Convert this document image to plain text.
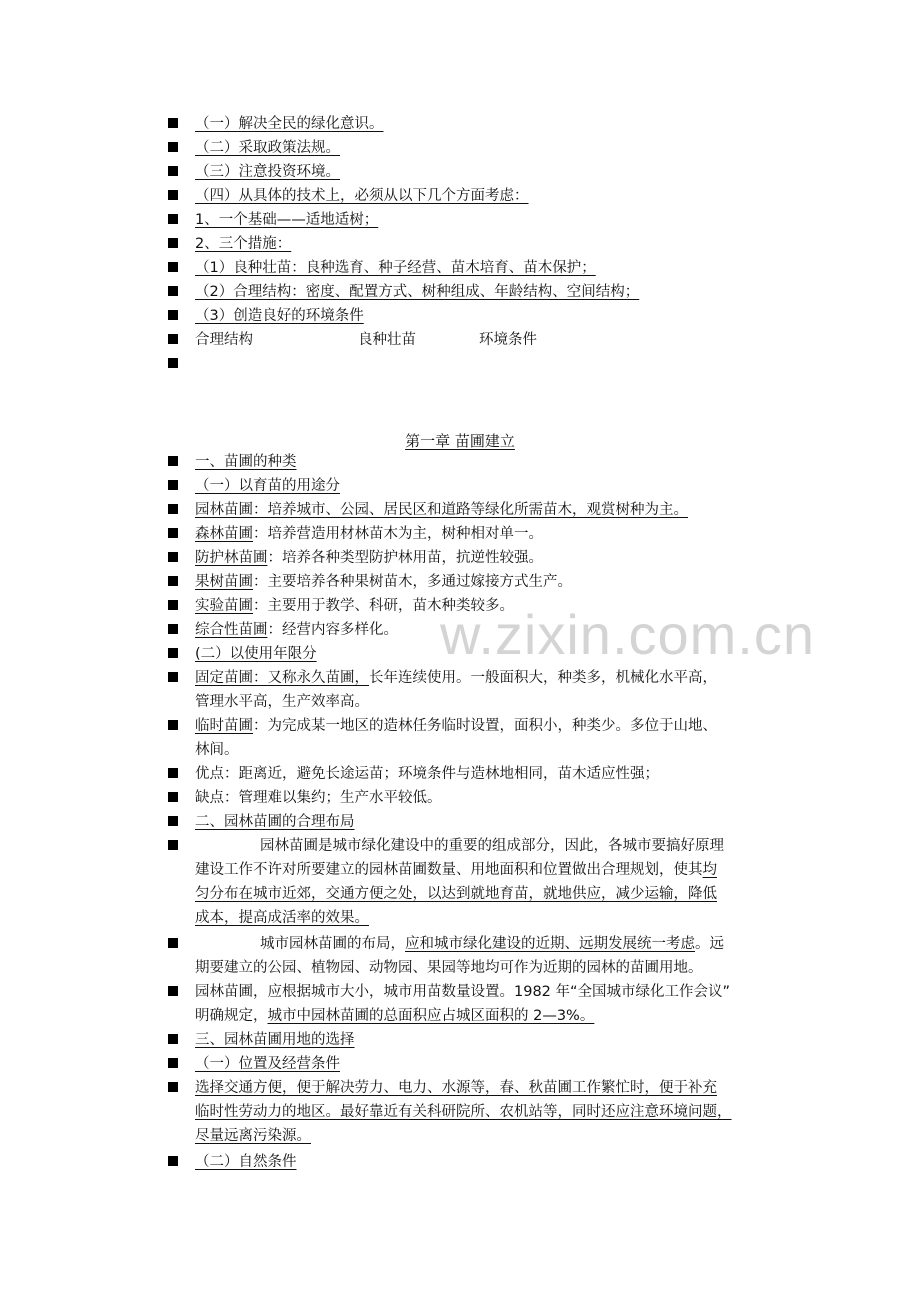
（一）解决全民的绿化意识。
（二）采取政策法规。
（三）注意投资环境。
（四）从具体的技术上，必须从以下几个方面考虑：
1、一个基础——适地适树；
2、三个措施：
（1）良种壮苗：良种选育、种子经营、苗木培育、苗木保护；
（2）合理结构：密度、配置方式、树种组成、年龄结构、空间结构；
（3）创造良好的环境条件
合理结构	良种壮苗	环境条件
第一章 苗圃建立
一、苗圃的种类
（一）以育苗的用途分
园林苗圃：培养城市、公园、居民区和道路等绿化所需苗木，观赏树种为主。
森林苗圃：培养营造用材林苗木为主，树种相对单一。
防护林苗圃：培养各种类型防护林用苗，抗逆性较强。
果树苗圃：主要培养各种果树苗木，多通过嫁接方式生产。
实验苗圃：主要用于教学、科研，苗木种类较多。
综合性苗圃：经营内容多样化。
(二）以使用年限分
固定苗圃：又称永久苗圃，长年连续使用。一般面积大，种类多，机械化水平高，
管理水平高，生产效率高。
临时苗圃：为完成某一地区的造林任务临时设置，面积小，种类少。多位于山地、
林间。
优点：距离近，避免长途运苗；环境条件与造林地相同，苗木适应性强；
缺点：管理难以集约；生产水平较低。
二、园林苗圃的合理布局
园林苗圃是城市绿化建设中的重要的组成部分，因此，各城市要搞好原理
建设工作不许对所要建立的园林苗圃数量、用地面积和位置做出合理规划，使其均
匀分布在城市近郊，交通方便之处，以达到就地育苗，就地供应，减少运输，降低
成本，提高成活率的效果。
城市园林苗圃的布局，应和城市绿化建设的近期、远期发展统一考虑。远
期要建立的公园、植物园、动物园、果园等地均可作为近期的园林的苗圃用地。
园林苗圃，应根据城市大小，城市用苗数量设置。1982 年“全国城市绿化工作会议”
明确规定，城市中园林苗圃的总面积应占城区面积的 2—3%。
三、园林苗圃用地的选择
（一）位置及经营条件
选择交通方便，便于解决劳力、电力、水源等，春、秋苗圃工作繁忙时，便于补充
临时性劳动力的地区。最好靠近有关科研院所、农机站等，同时还应注意环境问题，
尽量远离污染源。
（二）自然条件
w.zixin.com.cn
